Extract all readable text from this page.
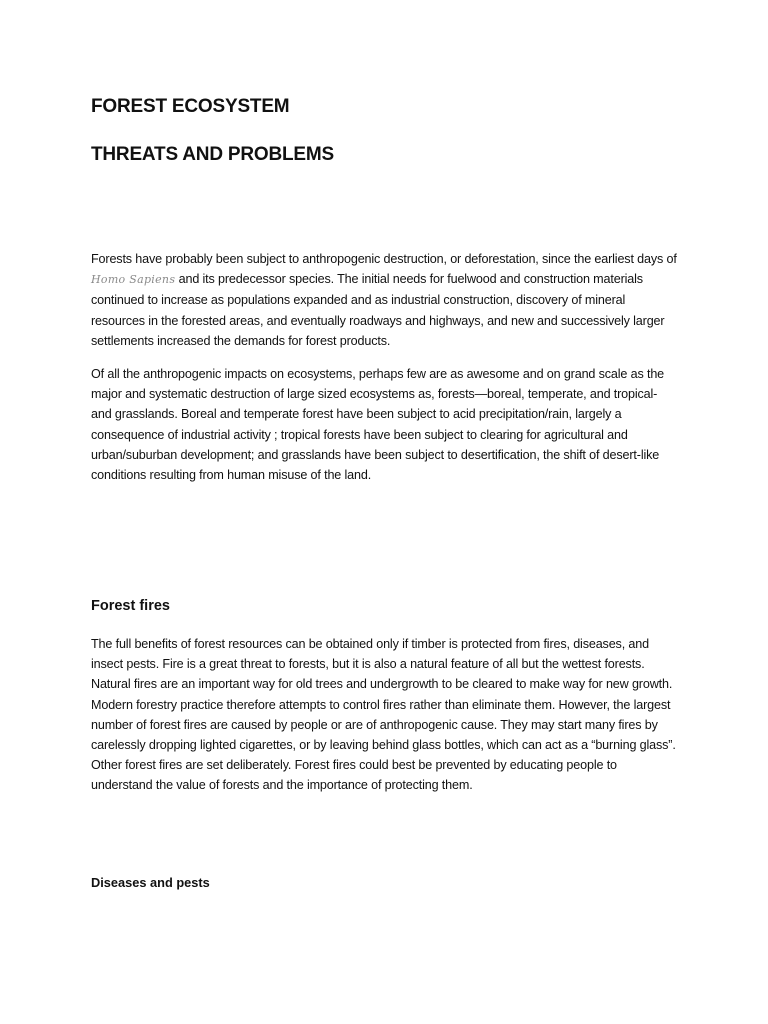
FOREST ECOSYSTEM
THREATS AND PROBLEMS

Forests have probably been subject to anthropogenic destruction, or deforestation, since the earliest days of Homo Sapiens and its predecessor species. The initial needs for fuelwood and construction materials continued to increase as populations expanded and as industrial construction, discovery of mineral resources in the forested areas, and eventually roadways and highways, and new and successively larger settlements increased the demands for forest products.

Of all the anthropogenic impacts on ecosystems, perhaps few are as awesome and on grand scale as the major and systematic destruction of large sized ecosystems as, forests—boreal, temperate, and tropical- and grasslands. Boreal and temperate forest have been subject to acid precipitation/rain, largely a consequence of industrial activity ; tropical forests have been subject to clearing for agricultural and urban/suburban development; and grasslands have been subject to desertification, the shift of desert-like conditions resulting from human misuse of the land.

Forest fires

The full benefits of forest resources can be obtained only if timber is protected from fires, diseases, and insect pests. Fire is a great threat to forests, but it is also a natural feature of all but the wettest forests. Natural fires are an important way for old trees and undergrowth to be cleared to make way for new growth. Modern forestry practice therefore attempts to control fires rather than eliminate them. However, the largest number of forest fires are caused by people or are of anthropogenic cause. They may start many fires by carelessly dropping lighted cigarettes, or by leaving behind glass bottles, which can act as a “burning glass”. Other forest fires are set deliberately. Forest fires could best be prevented by educating people to understand the value of forests and the importance of protecting them.

Diseases and pests
